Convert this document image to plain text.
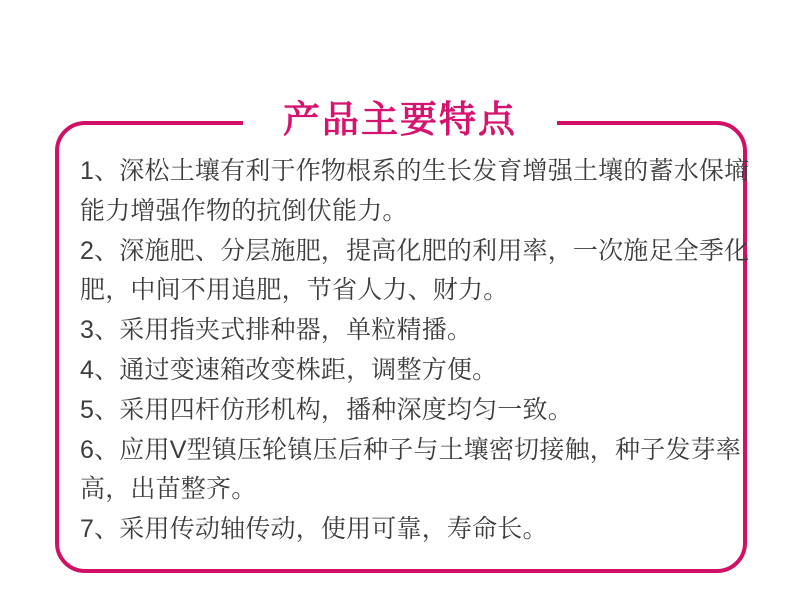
产品主要特点
1、深松土壤有利于作物根系的生长发育增强土壤的蓄水保墒
能力增强作物的抗倒伏能力。
2、深施肥、分层施肥，提高化肥的利用率，一次施足全季化
肥，中间不用追肥，节省人力、财力。
3、采用指夹式排种器，单粒精播。
4、通过变速箱改变株距，调整方便。
5、采用四杆仿形机构，播种深度均匀一致。
6、应用V型镇压轮镇压后种子与土壤密切接触，种子发芽率
高，出苗整齐。
7、采用传动轴传动，使用可靠，寿命长。
